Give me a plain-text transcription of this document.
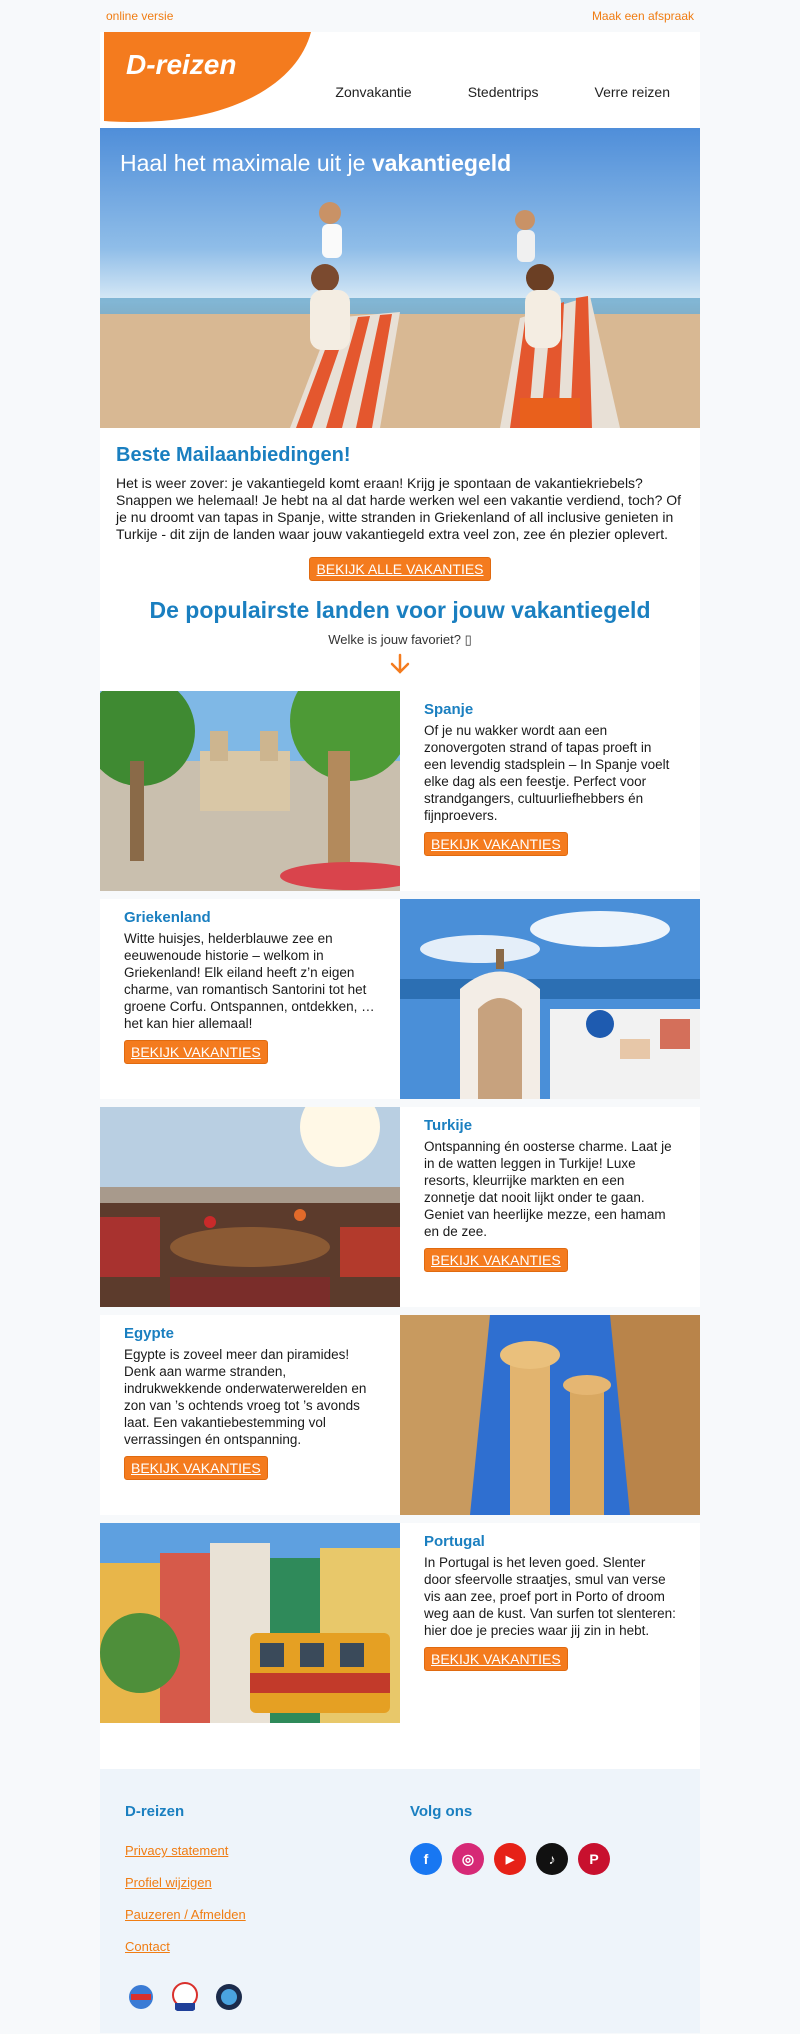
online versie	Maak een afspraak
D-reizen
Zonvakantie	Stedentrips	Verre reizen
Haal het maximale uit je vakantiegeld
Beste Mailaanbiedingen!

Het is weer zover: je vakantiegeld komt eraan! Krijg je spontaan de vakantiekriebels? Snappen we helemaal! Je hebt na al dat harde werken wel een vakantie verdiend, toch? Of je nu droomt van tapas in Spanje, witte stranden in Griekenland of all inclusive genieten in Turkije - dit zijn de landen waar jouw vakantiegeld extra veel zon, zee én plezier oplevert.

BEKIJK ALLE VAKANTIES
De populairste landen voor jouw vakantiegeld
Welke is jouw favoriet? ▯
Spanje

Of je nu wakker wordt aan een zonovergoten strand of tapas proeft in een levendig stadsplein – In Spanje voelt elke dag als een feestje. Perfect voor strandgangers, cultuurliefhebbers én fijnproevers.

BEKIJK VAKANTIES
Griekenland

Witte huisjes, helderblauwe zee en eeuwenoude historie – welkom in Griekenland! Elk eiland heeft z’n eigen charme, van romantisch Santorini tot het groene Corfu. Ontspannen, ontdekken, … het kan hier allemaal!

BEKIJK VAKANTIES
Turkije

Ontspanning én oosterse charme. Laat je in de watten leggen in Turkije! Luxe resorts, kleurrijke markten en een zonnetje dat nooit lijkt onder te gaan. Geniet van heerlijke mezze, een hamam en de zee.

BEKIJK VAKANTIES
Egypte

Egypte is zoveel meer dan piramides! Denk aan warme stranden, indrukwekkende onderwaterwerelden en zon van ’s ochtends vroeg tot ’s avonds laat. Een vakantiebestemming vol verrassingen én ontspanning.

BEKIJK VAKANTIES
Portugal

In Portugal is het leven goed. Slenter door sfeervolle straatjes, smul van verse vis aan zee, proef port in Porto of droom weg aan de kust. Van surfen tot slenteren: hier doe je precies waar jij zin in hebt.

BEKIJK VAKANTIES
D-reizen
Privacy statement
Profiel wijzigen
Pauzeren / Afmelden
Contact
Volg ons
f	◎	▶	♪	P
